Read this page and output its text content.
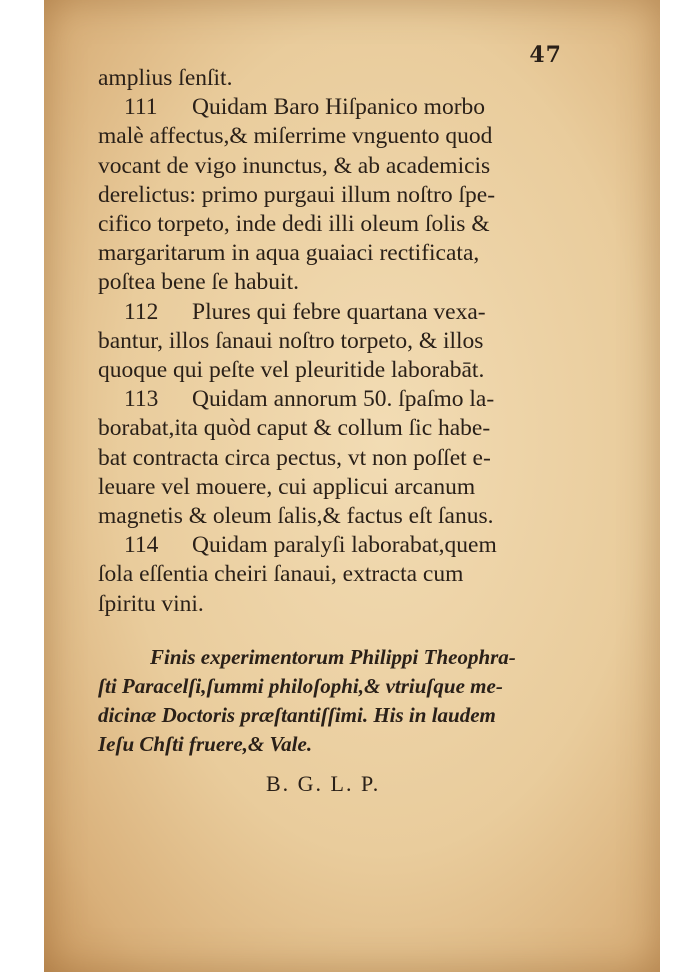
47
amplius ſenſit.
111 Quidam Baro Hiſpanico morbo
malè affectus,& miſerrime vnguento quod
vocant de vigo inunctus, & ab academicis
derelictus: primo purgaui illum noſtro ſpe-
cifico torpeto, inde dedi illi oleum ſolis &
margaritarum in aqua guaiaci rectificata,
poſtea bene ſe habuit.
112 Plures qui febre quartana vexa-
bantur, illos ſanaui noſtro torpeto, & illos
quoque qui peſte vel pleuritide laborabāt.
113 Quidam annorum 50. ſpaſmo la-
borabat,ita quòd caput & collum ſic habe-
bat contracta circa pectus, vt non poſſet e-
leuare vel mouere, cui applicui arcanum
magnetis & oleum ſalis,& factus eſt ſanus.
114 Quidam paralyſi laborabat,quem
ſola eſſentia cheiri ſanaui, extracta cum
ſpiritu vini.
Finis experimentorum Philippi Theophra-
ſti Paracelſi,ſummi philoſophi,& vtriuſque me-
dicinæ Doctoris præſtantiſſimi. His in laudem
Ieſu Chſti fruere,& Vale.
B. G. L. P.
